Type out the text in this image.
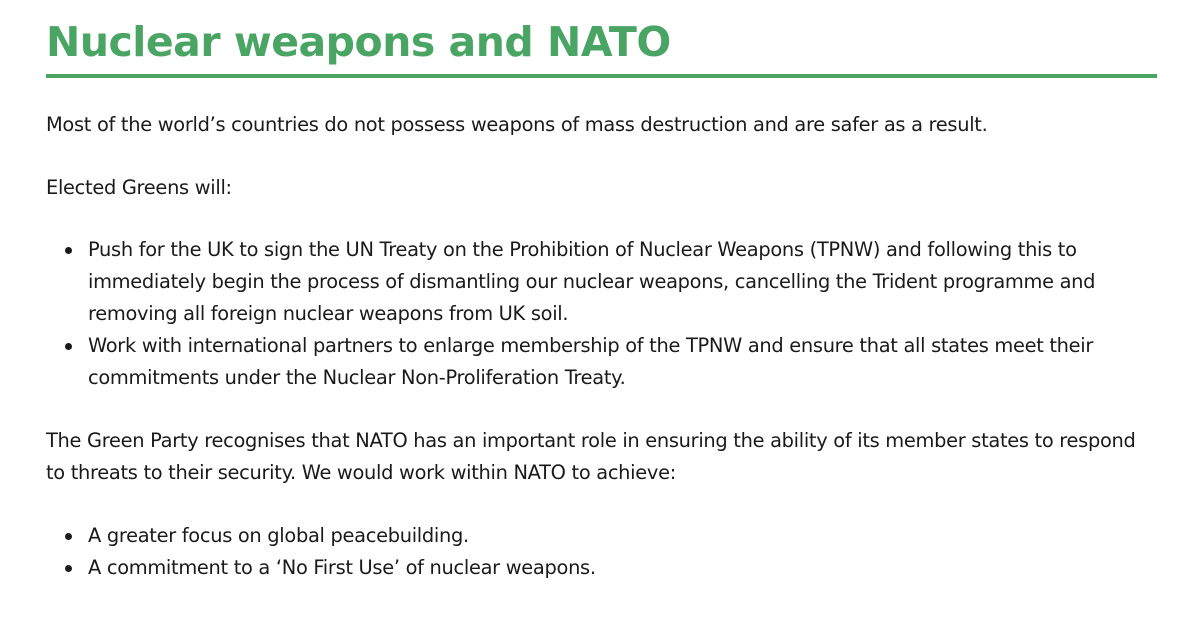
Nuclear weapons and NATO

Most of the world’s countries do not possess weapons of mass destruction and are safer as a result.

Elected Greens will:

Push for the UK to sign the UN Treaty on the Prohibition of Nuclear Weapons (TPNW) and following this to immediately begin the process of dismantling our nuclear weapons, cancelling the Trident programme and removing all foreign nuclear weapons from UK soil.
Work with international partners to enlarge membership of the TPNW and ensure that all states meet their commitments under the Nuclear Non-Proliferation Treaty.

The Green Party recognises that NATO has an important role in ensuring the ability of its member states to respond to threats to their security. We would work within NATO to achieve:

A greater focus on global peacebuilding.
A commitment to a ‘No First Use’ of nuclear weapons.
